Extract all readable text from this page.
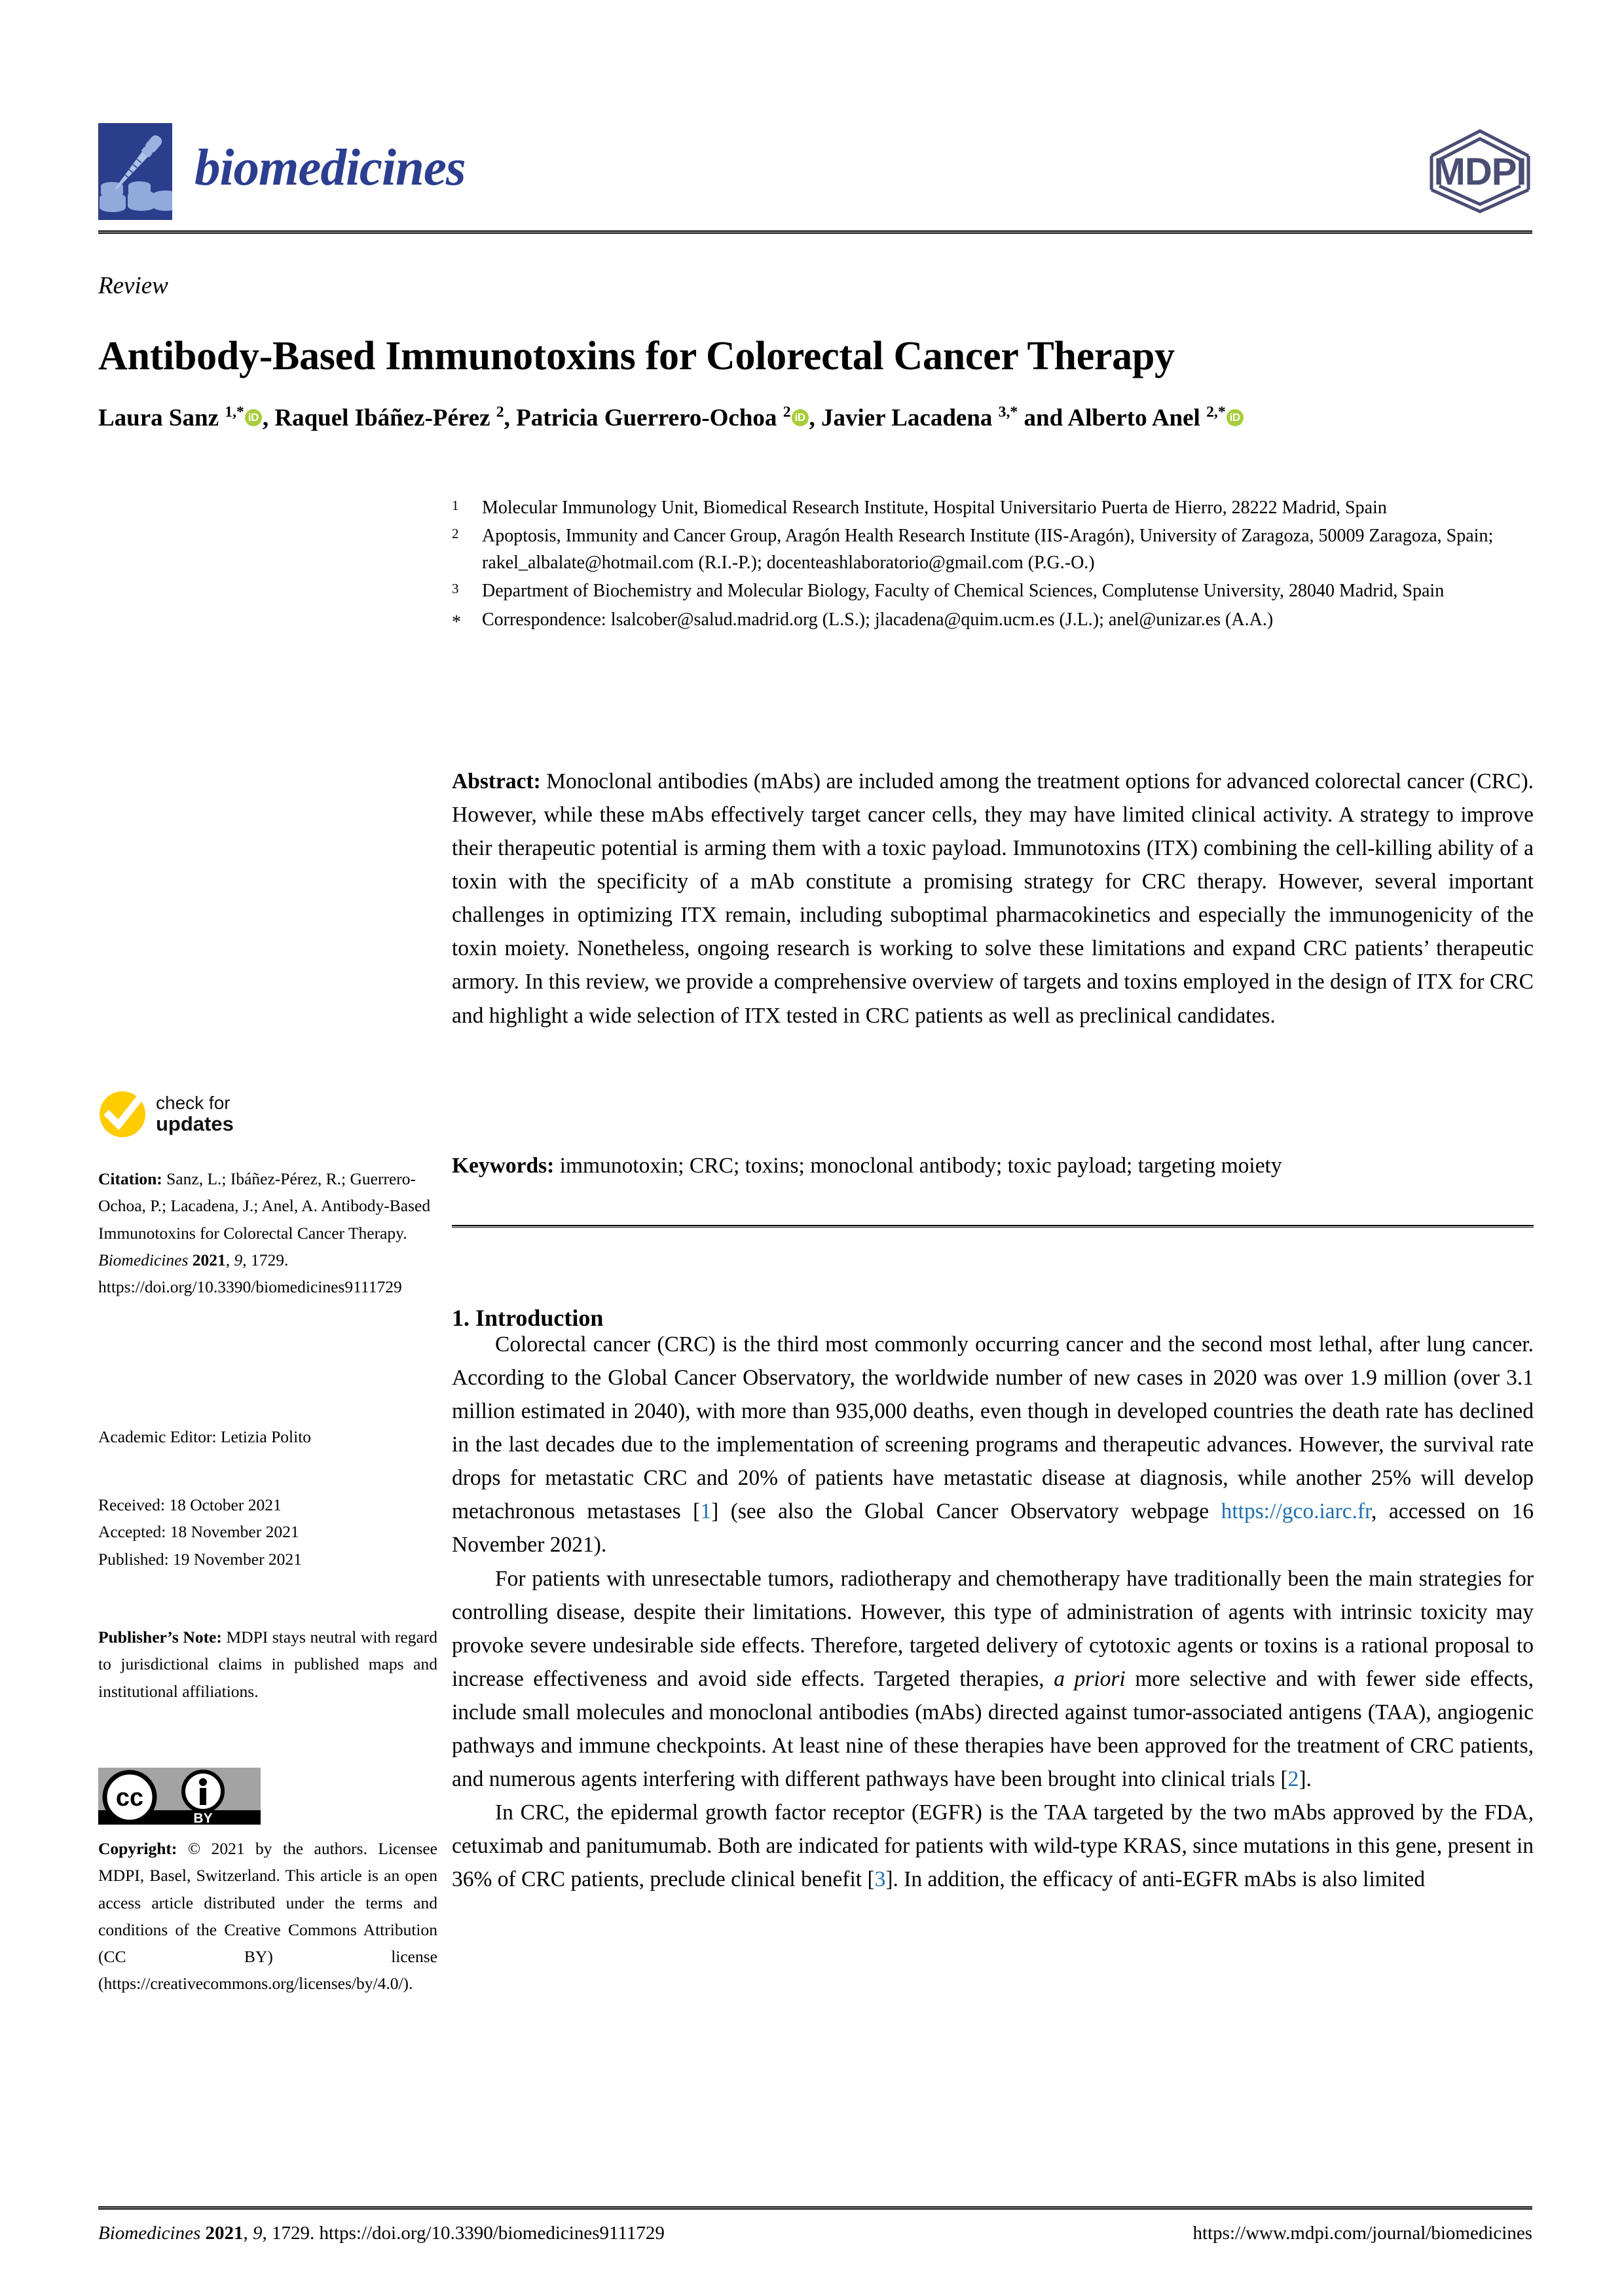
biomedicines	MDPI
Review
Antibody-Based Immunotoxins for Colorectal Cancer Therapy
Laura Sanz $^{1,*}$ iD , Raquel Ibáñez-Pérez $^2$, Patricia Guerrero-Ochoa $^2$ iD , Javier Lacadena $^{3,*}$ and Alberto Anel $^{2,*}$ iD
1	Molecular Immunology Unit, Biomedical Research Institute, Hospital Universitario Puerta de Hierro, 28222 Madrid, Spain
2	Apoptosis, Immunity and Cancer Group, Aragón Health Research Institute (IIS-Aragón), University of Zaragoza, 50009 Zaragoza, Spain; rakel_albalate@hotmail.com (R.I.-P.); docenteashlaboratorio@gmail.com (P.G.-O.)
3	Department of Biochemistry and Molecular Biology, Faculty of Chemical Sciences, Complutense University, 28040 Madrid, Spain
*	Correspondence: lsalcober@salud.madrid.org (L.S.); jlacadena@quim.ucm.es (J.L.); anel@unizar.es (A.A.)
Abstract: Monoclonal antibodies (mAbs) are included among the treatment options for advanced colorectal cancer (CRC). However, while these mAbs effectively target cancer cells, they may have limited clinical activity. A strategy to improve their therapeutic potential is arming them with a toxic payload. Immunotoxins (ITX) combining the cell-killing ability of a toxin with the specificity of a mAb constitute a promising strategy for CRC therapy. However, several important challenges in optimizing ITX remain, including suboptimal pharmacokinetics and especially the immunogenicity of the toxin moiety. Nonetheless, ongoing research is working to solve these limitations and expand CRC patients’ therapeutic armory. In this review, we provide a comprehensive overview of targets and toxins employed in the design of ITX for CRC and highlight a wide selection of ITX tested in CRC patients as well as preclinical candidates.
Keywords: immunotoxin; CRC; toxins; monoclonal antibody; toxic payload; targeting moiety
1. Introduction

Colorectal cancer (CRC) is the third most commonly occurring cancer and the second most lethal, after lung cancer. According to the Global Cancer Observatory, the worldwide number of new cases in 2020 was over 1.9 million (over 3.1 million estimated in 2040), with more than 935,000 deaths, even though in developed countries the death rate has declined in the last decades due to the implementation of screening programs and therapeutic advances. However, the survival rate drops for metastatic CRC and 20% of patients have metastatic disease at diagnosis, while another 25% will develop metachronous metastases [1] (see also the Global Cancer Observatory webpage https://gco.iarc.fr, accessed on 16 November 2021).

For patients with unresectable tumors, radiotherapy and chemotherapy have traditionally been the main strategies for controlling disease, despite their limitations. However, this type of administration of agents with intrinsic toxicity may provoke severe undesirable side effects. Therefore, targeted delivery of cytotoxic agents or toxins is a rational proposal to increase effectiveness and avoid side effects. Targeted therapies, a priori more selective and with fewer side effects, include small molecules and monoclonal antibodies (mAbs) directed against tumor-associated antigens (TAA), angiogenic pathways and immune checkpoints. At least nine of these therapies have been approved for the treatment of CRC patients, and numerous agents interfering with different pathways have been brought into clinical trials [2].

In CRC, the epidermal growth factor receptor (EGFR) is the TAA targeted by the two mAbs approved by the FDA, cetuximab and panitumumab. Both are indicated for patients with wild-type KRAS, since mutations in this gene, present in 36% of CRC patients, preclude clinical benefit [3]. In addition, the efficacy of anti-EGFR mAbs is also limited

check for
updates
Citation: Sanz, L.; Ibáñez-Pérez, R.; Guerrero-Ochoa, P.; Lacadena, J.; Anel, A. Antibody-Based Immunotoxins for Colorectal Cancer Therapy. Biomedicines 2021, 9, 1729. https://doi.org/10.3390/biomedicines9111729
Academic Editor: Letizia Polito
Received: 18 October 2021
Accepted: 18 November 2021
Published: 19 November 2021
Publisher’s Note: MDPI stays neutral with regard to jurisdictional claims in published maps and institutional affiliations.
cc
BY
Copyright: © 2021 by the authors. Licensee MDPI, Basel, Switzerland. This article is an open access article distributed under the terms and conditions of the Creative Commons Attribution (CC BY) license (https://creativecommons.org/licenses/by/4.0/).
Biomedicines 2021, 9, 1729. https://doi.org/10.3390/biomedicines9111729	https://www.mdpi.com/journal/biomedicines
